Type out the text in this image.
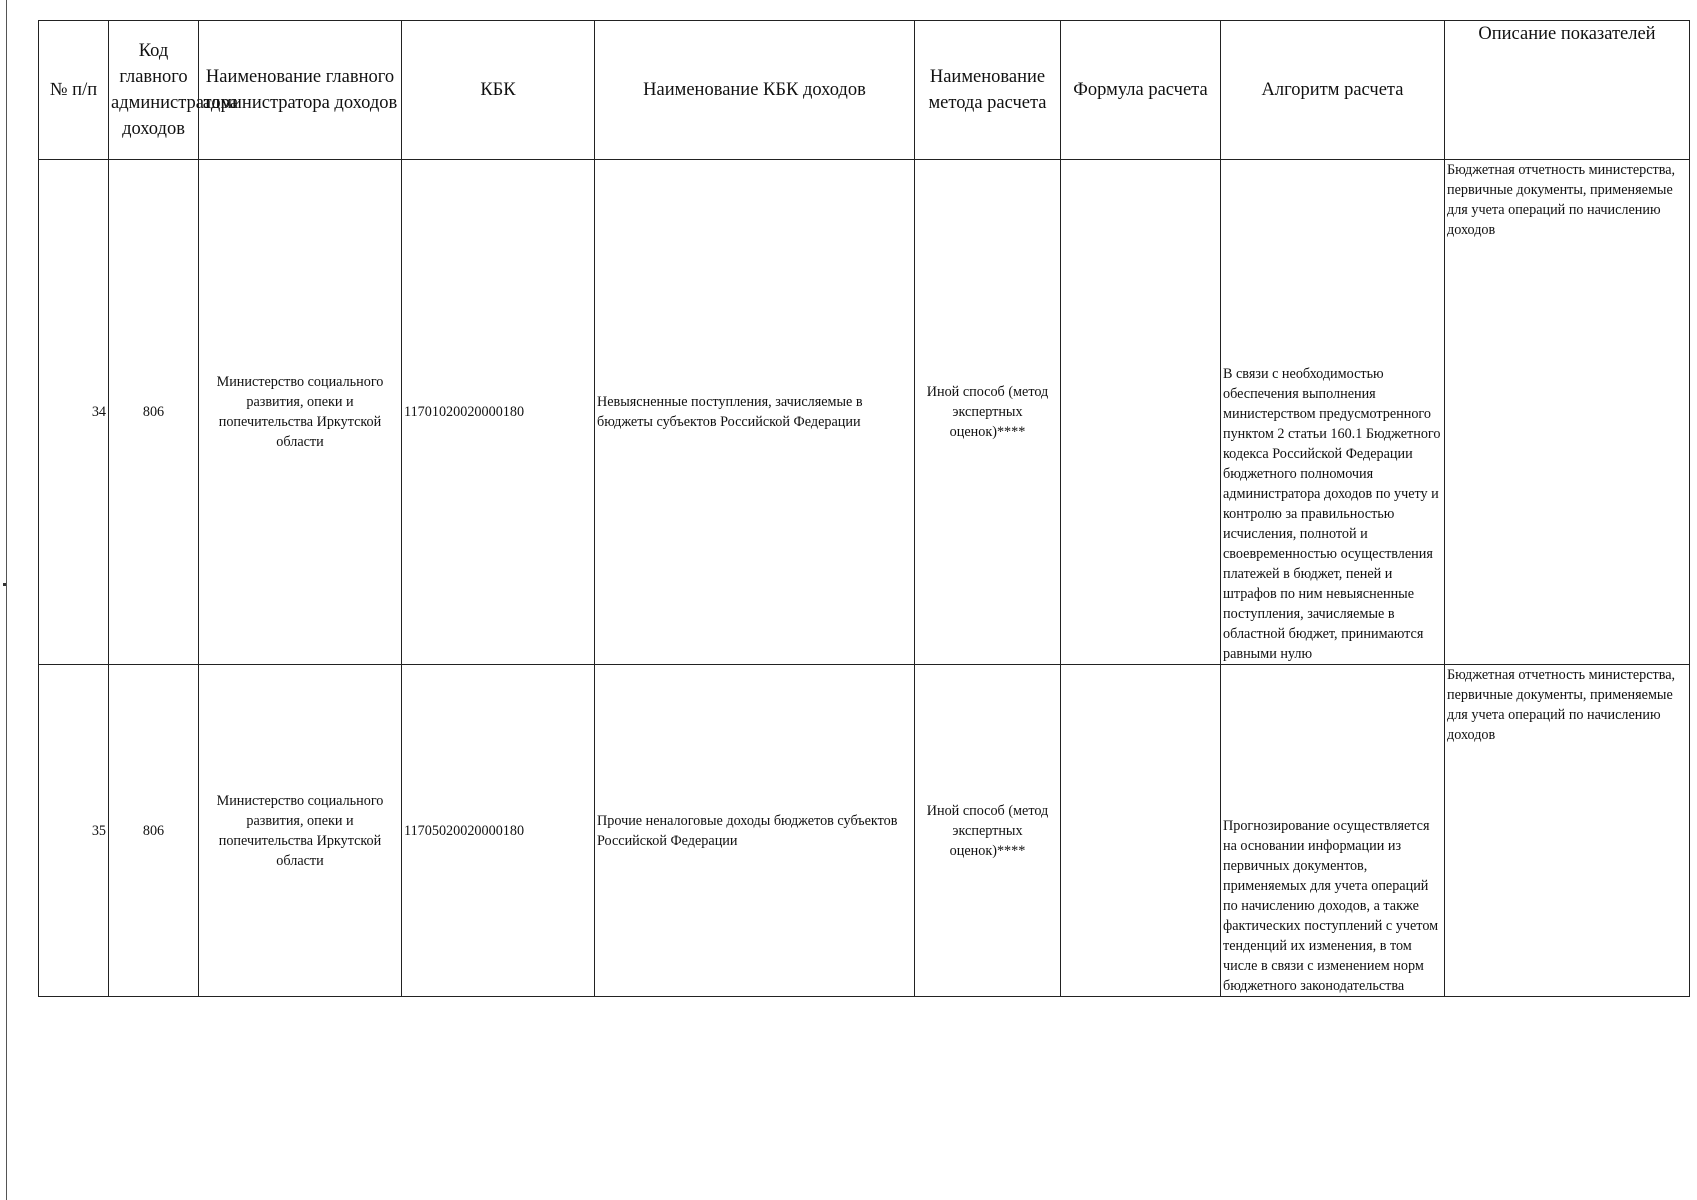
№ п/п	Код главного администратора доходов	Наименование главного администратора доходов	КБК	Наименование КБК доходов	Наименование метода расчета	Формула расчета	Алгоритм расчета	Описание показателей
34	806	Министерство социального развития, опеки и попечительства Иркутской области	11701020020000180	Невыясненные поступления, зачисляемые в бюджеты субъектов Российской Федерации	Иной способ (метод экспертных оценок)****		В связи с необходимостью обеспечения выполнения министерством предусмотренного пунктом 2 статьи 160.1 Бюджетного кодекса Российской Федерации бюджетного полномочия администратора доходов по учету и контролю за правильностью исчисления, полнотой и своевременностью осуществления платежей в бюджет, пеней и штрафов по ним невыясненные поступления, зачисляемые в областной бюджет, принимаются равными нулю	Бюджетная отчетность министерства, первичные документы, применяемые для учета операций по начислению доходов
35	806	Министерство социального развития, опеки и попечительства Иркутской области	11705020020000180	Прочие неналоговые доходы бюджетов субъектов Российской Федерации	Иной способ (метод экспертных оценок)****		Прогнозирование осуществляется на основании информации из первичных документов, применяемых для учета операций по начислению доходов, а также фактических поступлений с учетом тенденций их изменения, в том числе в связи с изменением норм бюджетного законодательства	Бюджетная отчетность министерства, первичные документы, применяемые для учета операций по начислению доходов
